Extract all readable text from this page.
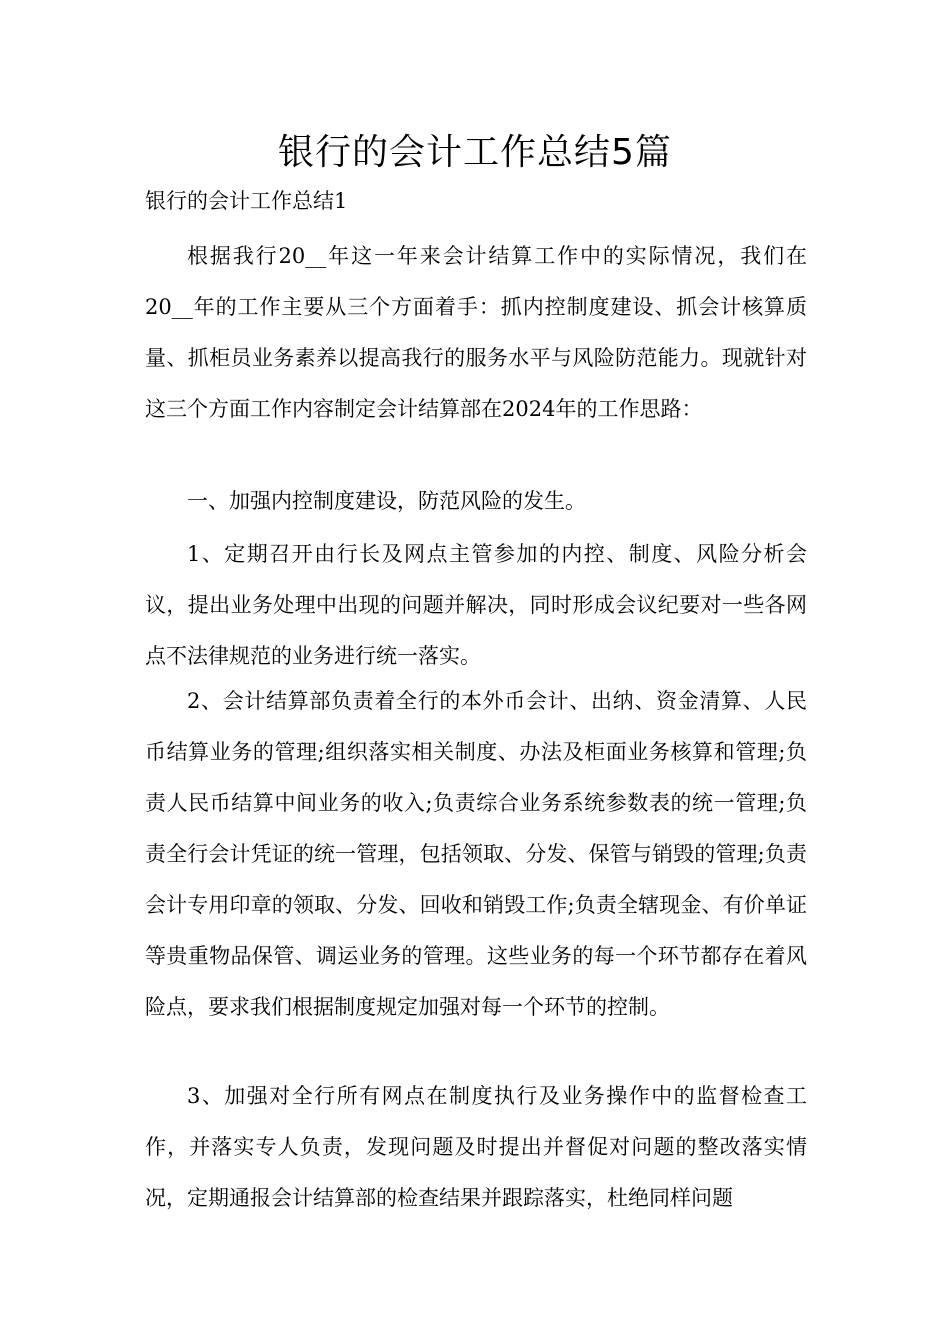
银行的会计工作总结5篇

银行的会计工作总结1

根据我行20__年这一年来会计结算工作中的实际情况，我们在20__年的工作主要从三个方面着手：抓内控制度建设、抓会计核算质量、抓柜员业务素养以提高我行的服务水平与风险防范能力。现就针对这三个方面工作内容制定会计结算部在2024年的工作思路：

一、加强内控制度建设，防范风险的发生。

1、定期召开由行长及网点主管参加的内控、制度、风险分析会议，提出业务处理中出现的问题并解决，同时形成会议纪要对一些各网点不法律规范的业务进行统一落实。

2、会计结算部负责着全行的本外币会计、出纳、资金清算、人民币结算业务的管理;组织落实相关制度、办法及柜面业务核算和管理;负责人民币结算中间业务的收入;负责综合业务系统参数表的统一管理;负责全行会计凭证的统一管理，包括领取、分发、保管与销毁的管理;负责会计专用印章的领取、分发、回收和销毁工作;负责全辖现金、有价单证等贵重物品保管、调运业务的管理。这些业务的每一个环节都存在着风险点，要求我们根据制度规定加强对每一个环节的控制。

3、加强对全行所有网点在制度执行及业务操作中的监督检查工作，并落实专人负责，发现问题及时提出并督促对问题的整改落实情况，定期通报会计结算部的检查结果并跟踪落实，杜绝同样问题
